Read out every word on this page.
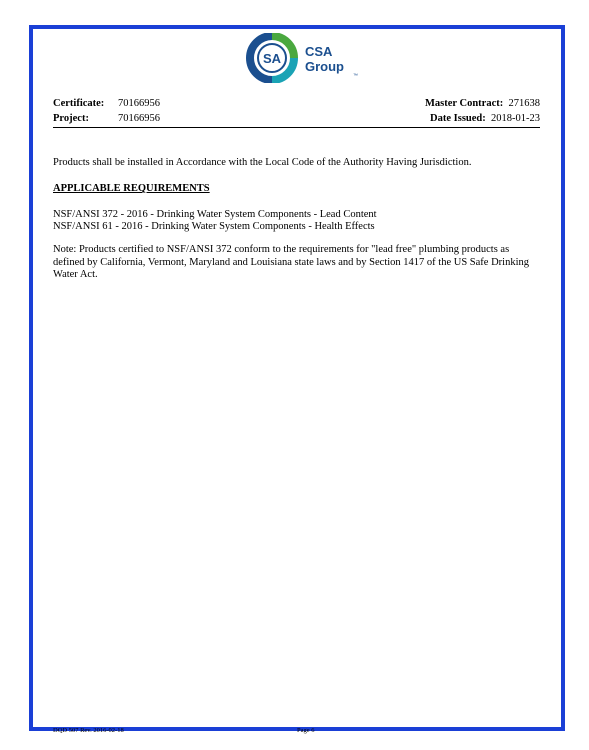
SA CSA
Group
™
Certificate: 70166956	Master Contract: 271638
Project:	70166956	Date Issued: 2018-01-23
Products shall be installed in Accordance with the Local Code of the Authority Having Jurisdiction.
APPLICABLE REQUIREMENTS
NSF/ANSI 372 - 2016 - Drinking Water System Components - Lead Content
NSF/ANSI 61 - 2016 - Drinking Water System Components - Health Effects
Note: Products certified to NSF/ANSI 372 conform to the requirements for "lead free" plumbing products as defined by California, Vermont, Maryland and Louisiana state laws and by Section 1417 of the US Safe Drinking Water Act.
DQD 507 Rev. 2016-02-18	Page 6
